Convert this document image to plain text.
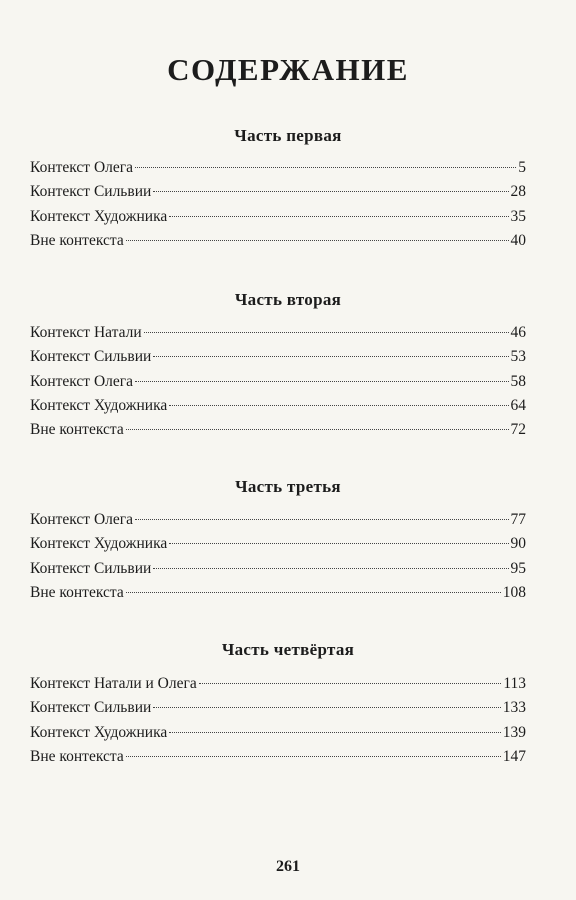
СОДЕРЖАНИЕ
Часть первая
Контекст Олега	5
Контекст Сильвии	28
Контекст Художника	35
Вне контекста	40
Часть вторая
Контекст Натали	46
Контекст Сильвии	53
Контекст Олега	58
Контекст Художника	64
Вне контекста	72
Часть третья
Контекст Олега	77
Контекст Художника	90
Контекст Сильвии	95
Вне контекста	108
Часть четвёртая
Контекст Натали и Олега	113
Контекст Сильвии	133
Контекст Художника	139
Вне контекста	147
261
